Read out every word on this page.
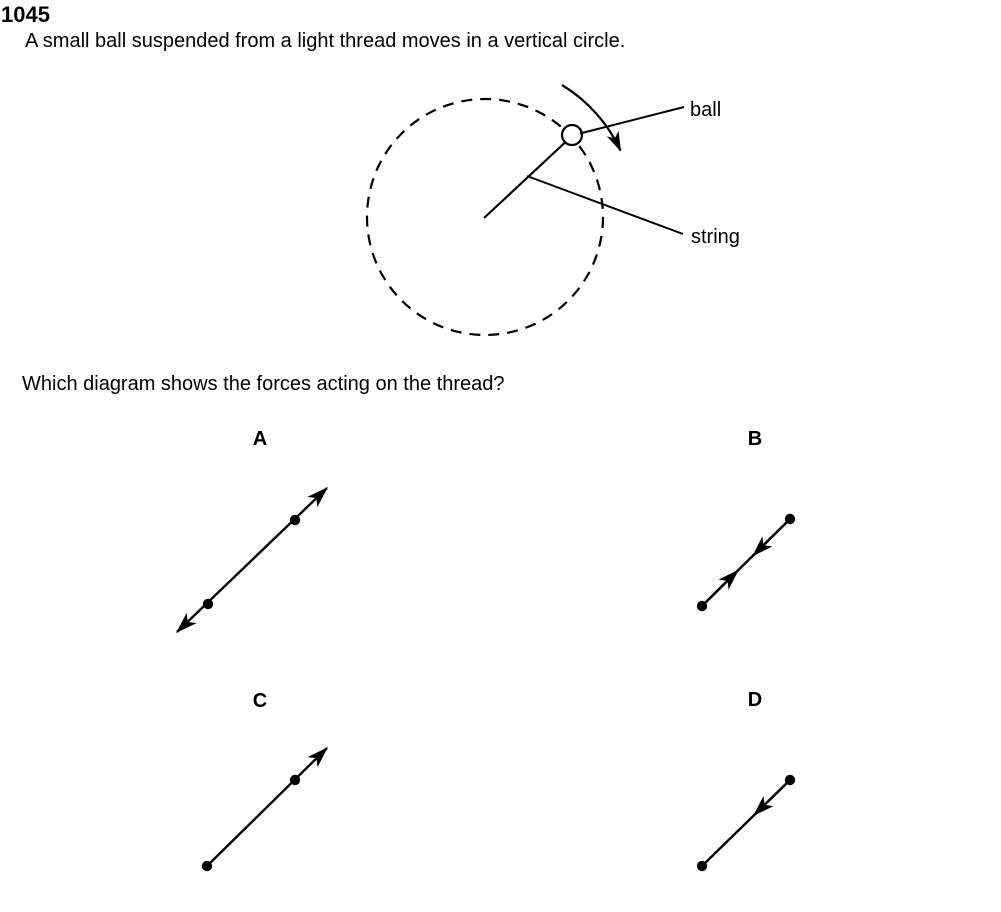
1045
A small ball suspended from a light thread moves in a vertical circle.
Which diagram shows the forces acting on the thread?
ball
string
A	B
C	D
